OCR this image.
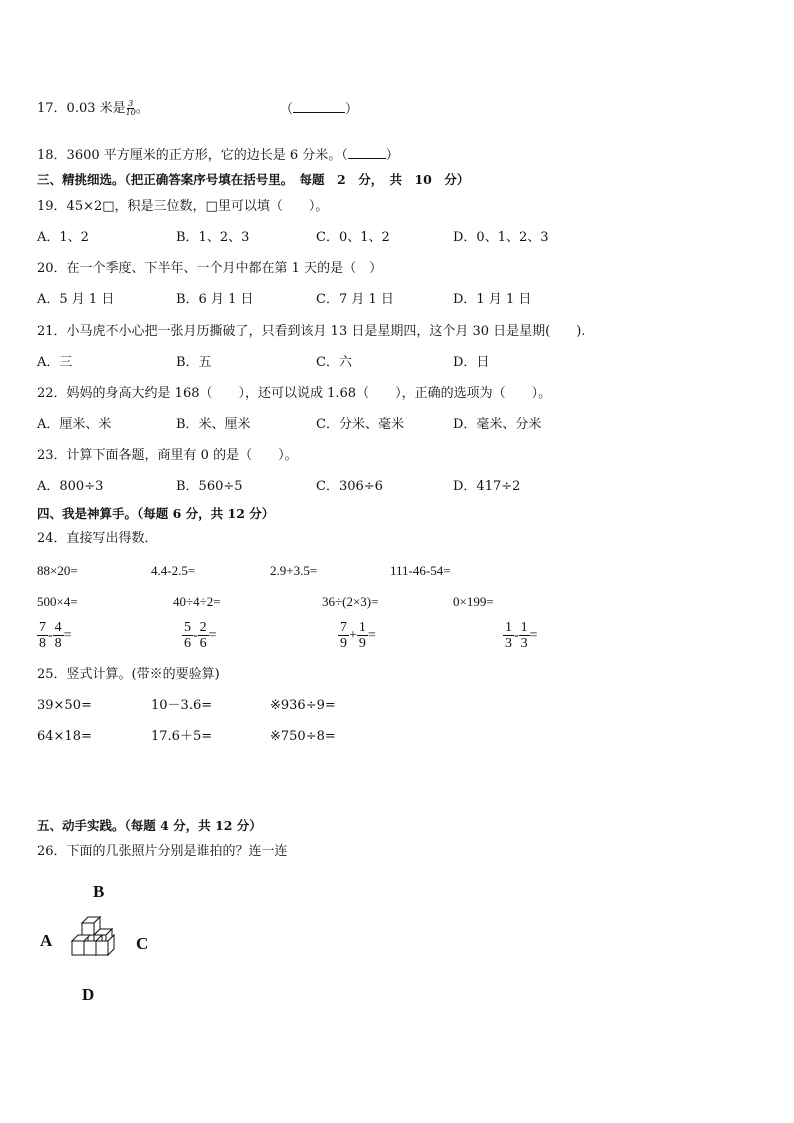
17．0.03 米是 $\frac{3}{10}$ 。	（	）
18．3600 平方厘米的正方形，它的边长是 6 分米。（	）
三、精挑细选。（把正确答案序号填在括号里。　每题　2　分，　共　10　分）
19．45×2□，积是三位数，□里可以填（　　）。
A．1、2	B．1、2、3	C．0、1、2	D．0、1、2、3
20．在一个季度、下半年、一个月中都在第 1 天的是（　）
A．5 月 1 日	B．6 月 1 日	C．7 月 1 日	D．1 月 1 日
21．小马虎不小心把一张月历撕破了，只看到该月 13 日是星期四，这个月 30 日是星期(　　).
A．三	B．五	C．六	D．日
22．妈妈的身高大约是 168（　　），还可以说成 1.68（　　），正确的选项为（　　）。
A．厘米、米	B．米、厘米	C．分米、毫米	D．毫米、分米
23．计算下面各题，商里有 0 的是（　　）。
A．800÷3	B．560÷5	C．306÷6	D．417÷2
四、我是神算手。（每题 6 分，共 12 分）
24．直接写出得数．
88×20=	4.4-2.5=	2.9+3.5=	111-46-54=
500×4=	40÷4÷2=	36÷(2×3)=	0×199=
$\frac{7}{8} - \frac{4}{8}$ =	$\frac{5}{6} - \frac{2}{6}$ =	$\frac{7}{9} + \frac{1}{9}$ =	$\frac{1}{3} - \frac{1}{3}$ =
25．竖式计算。(带※的要验算)
39×50=	10－3.6=	※936÷9=
64×18=	17.6＋5=	※750÷8=
五、动手实践。（每题 4 分，共 12 分）
26．下面的几张照片分别是谁拍的？连一连
B
A	C
D
